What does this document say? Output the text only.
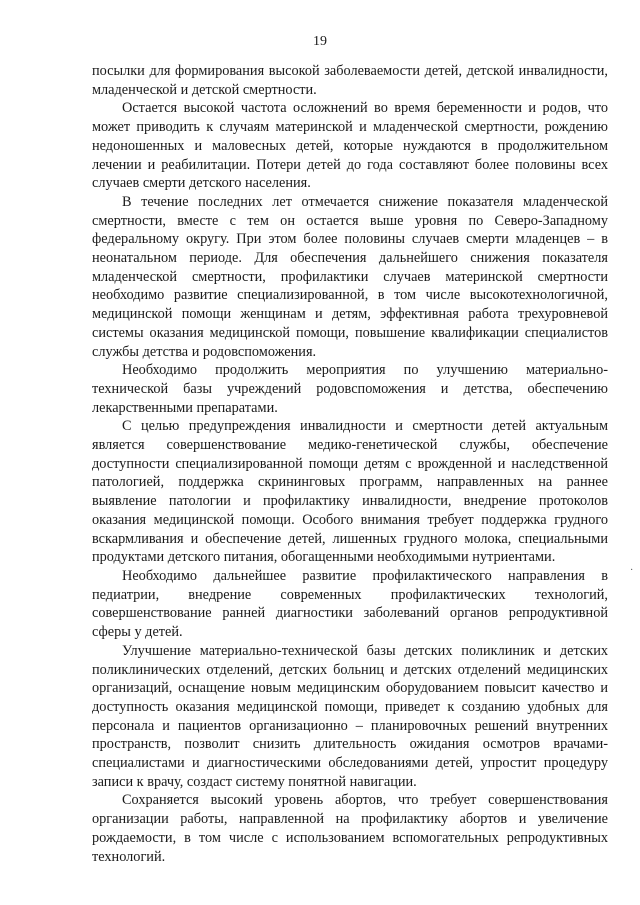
19

посылки для формирования высокой заболеваемости детей, детской инвалидности, младенческой и детской смертности.

Остается высокой частота осложнений во время беременности и родов, что может приводить к случаям материнской и младенческой смертности, рождению недоношенных и маловесных детей, которые нуждаются в продолжительном лечении и реабилитации. Потери детей до года составляют более половины всех случаев смерти детского населения.

В течение последних лет отмечается снижение показателя младенческой смертности, вместе с тем он остается выше уровня по Северо-Западному федеральному округу. При этом более половины случаев смерти младенцев – в неонатальном периоде. Для обеспечения дальнейшего снижения показателя младенческой смертности, профилактики случаев материнской смертности необходимо развитие специализированной, в том числе высокотехнологичной, медицинской помощи женщинам и детям, эффективная работа трехуровневой системы оказания медицинской помощи, повышение квалификации специалистов службы детства и родовспоможения.

Необходимо продолжить мероприятия по улучшению материально-технической базы учреждений родовспоможения и детства, обеспечению лекарственными препаратами.

С целью предупреждения инвалидности и смертности детей актуальным является совершенствование медико-генетической службы, обеспечение доступности специализированной помощи детям с врожденной и наследственной патологией, поддержка скрининговых программ, направленных на раннее выявление патологии и профилактику инвалидности, внедрение протоколов оказания медицинской помощи. Особого внимания требует поддержка грудного вскармливания и обеспечение детей, лишенных грудного молока, специальными продуктами детского питания, обогащенными необходимыми нутриентами.

Необходимо дальнейшее развитие профилактического направления в педиатрии, внедрение современных профилактических технологий, совершенствование ранней диагностики заболеваний органов репродуктивной сферы у детей.

Улучшение материально-технической базы детских поликлиник и детских поликлинических отделений, детских больниц и детских отделений медицинских организаций, оснащение новым медицинским оборудованием повысит качество и доступность оказания медицинской помощи, приведет к созданию удобных для персонала и пациентов организационно – планировочных решений внутренних пространств, позволит снизить длительность ожидания осмотров врачами-специалистами и диагностическими обследованиями детей, упростит процедуру записи к врачу, создаст систему понятной навигации.

Сохраняется высокий уровень абортов, что требует совершенствования организации работы, направленной на профилактику абортов и увеличение рождаемости, в том числе с использованием вспомогательных репродуктивных технологий.

·
